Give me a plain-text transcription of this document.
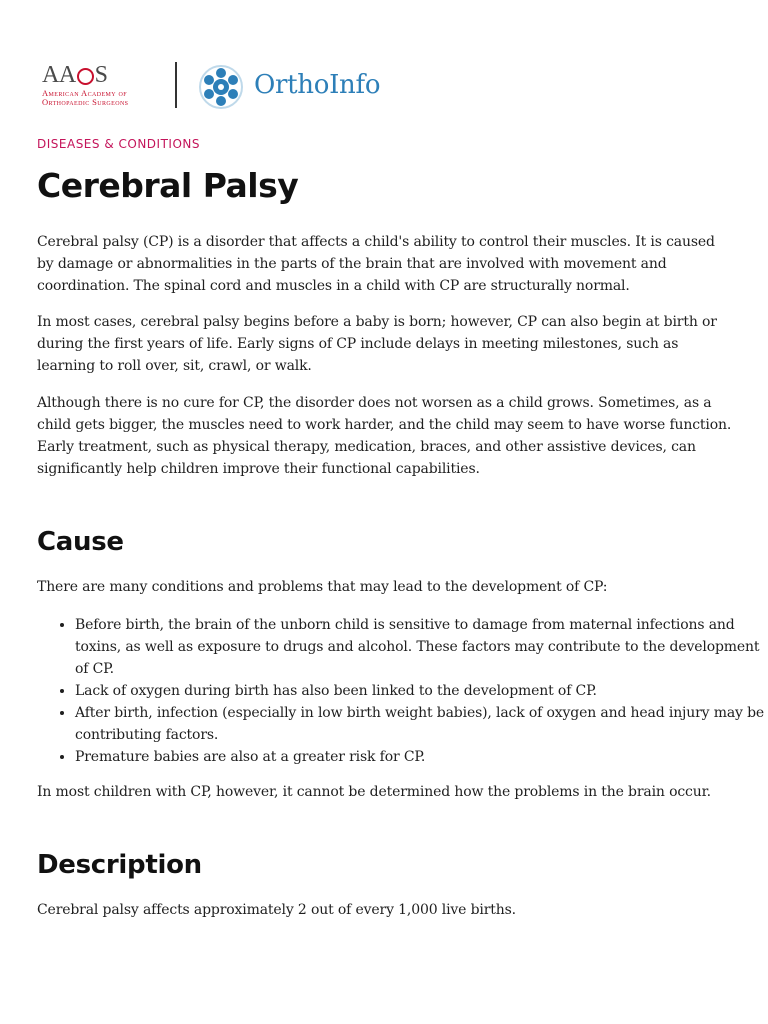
AA S
American Academy of
Orthopaedic Surgeons
OrthoInfo
DISEASES & CONDITIONS
Cerebral Palsy

Cerebral palsy (CP) is a disorder that affects a child's ability to control their muscles. It is caused by damage or abnormalities in the parts of the brain that are involved with movement and coordination. The spinal cord and muscles in a child with CP are structurally normal.

In most cases, cerebral palsy begins before a baby is born; however, CP can also begin at birth or during the first years of life. Early signs of CP include delays in meeting milestones, such as learning to roll over, sit, crawl, or walk.

Although there is no cure for CP, the disorder does not worsen as a child grows. Sometimes, as a child gets bigger, the muscles need to work harder, and the child may seem to have worse function. Early treatment, such as physical therapy, medication, braces, and other assistive devices, can significantly help children improve their functional capabilities.

Cause

There are many conditions and problems that may lead to the development of CP:

• Before birth, the brain of the unborn child is sensitive to damage from maternal infections and toxins, as well as exposure to drugs and alcohol. These factors may contribute to the development of CP.
• Lack of oxygen during birth has also been linked to the development of CP.
• After birth, infection (especially in low birth weight babies), lack of oxygen and head injury may be contributing factors.
• Premature babies are also at a greater risk for CP.

In most children with CP, however, it cannot be determined how the problems in the brain occur.

Description

Cerebral palsy affects approximately 2 out of every 1,000 live births.
